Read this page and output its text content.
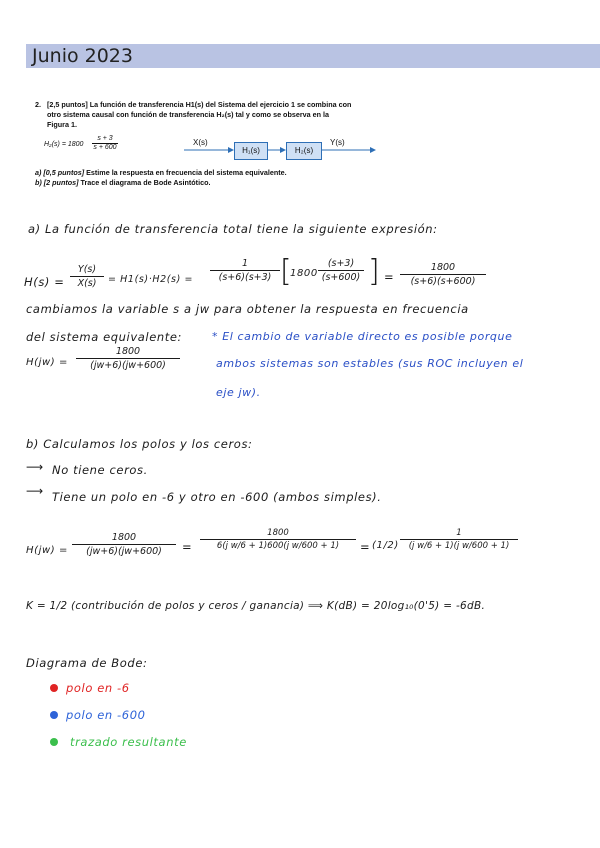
Junio 2023
2. [2,5 puntos] La función de transferencia H1(s) del Sistema del ejercicio 1 se combina con
otro sistema causal con función de transferencia H₂(s) tal y como se observa en la
Figura 1.
H₂(s) = 1800
s + 3
s + 600
X(s)
H₁(s)	H₂(s)
Y(s)
a) [0,5 puntos] Estime la respuesta en frecuencia del sistema equivalente.
b) [2 puntos] Trace el diagrama de Bode Asintótico.
a) La función de transferencia total tiene la siguiente expresión:
H(s) =
Y(s)
X(s)	= H1(s)·H2(s) =
1
(s+6)(s+3) [
1800
(s+3)
(s+600) ] =
1800
(s+6)(s+600)
cambiamos la variable s a jw para obtener la respuesta en frecuencia
del sistema equivalente:
H(jw) =
1800
(jw+6)(jw+600)
* El cambio de variable directo es posible porque
ambos sistemas son estables (sus ROC incluyen el
eje jw).
b) Calculamos los polos y los ceros:
⟶ No tiene ceros.
⟶ Tiene un polo en -6 y otro en -600 (ambos simples).
H(jw) =
1800
(jw+6)(jw+600)	=
1800
6(j w/6 + 1)600(j w/600 + 1)	= (1/2)
1
(j w/6 + 1)(j w/600 + 1)
K = 1/2 (contribución de polos y ceros / ganancia) ⟹ K(dB) = 20log₁₀(0'5) = -6dB.
Diagrama de Bode:
polo en -6
polo en -600
trazado resultante
